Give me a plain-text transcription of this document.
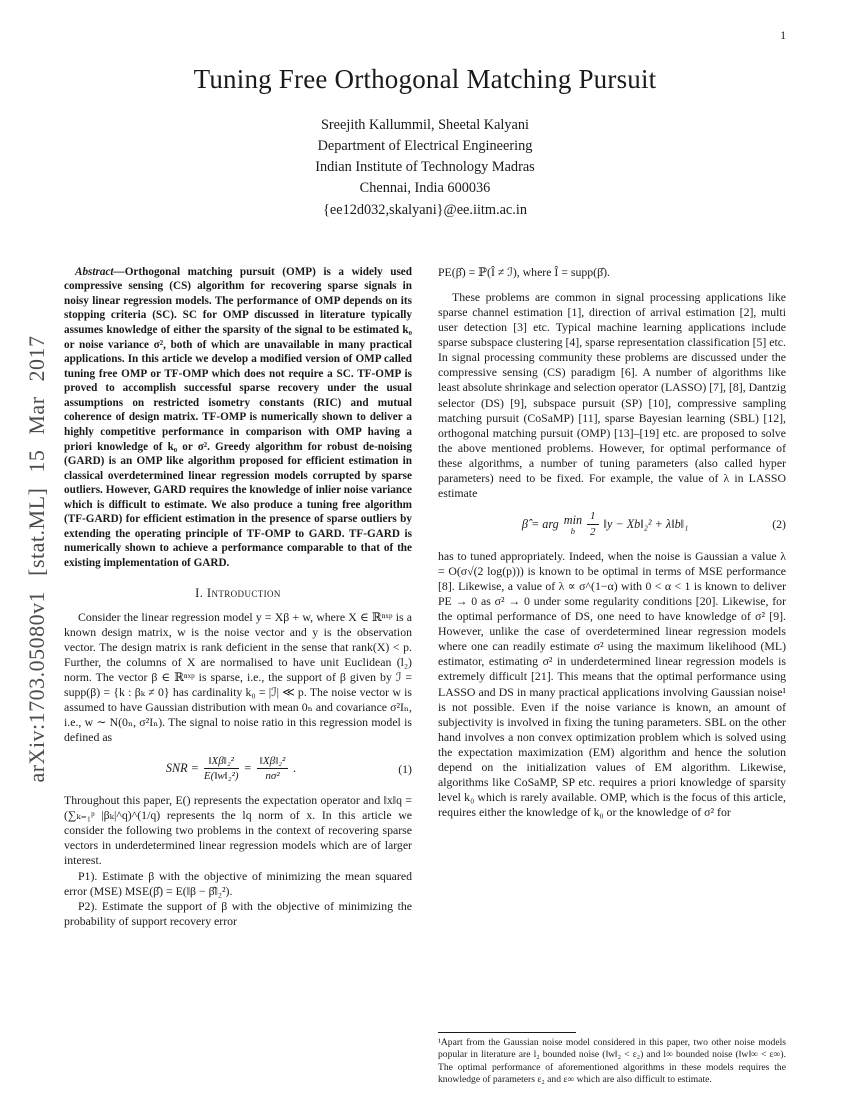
1
arXiv:1703.05080v1 [stat.ML] 15 Mar 2017
Tuning Free Orthogonal Matching Pursuit
Sreejith Kallummil, Sheetal Kalyani
Department of Electrical Engineering
Indian Institute of Technology Madras
Chennai, India 600036
{ee12d032,skalyani}@ee.iitm.ac.in

Abstract—Orthogonal matching pursuit (OMP) is a widely used compressive sensing (CS) algorithm for recovering sparse signals in noisy linear regression models. The performance of OMP depends on its stopping criteria (SC). SC for OMP discussed in literature typically assumes knowledge of either the sparsity of the signal to be estimated k₀ or noise variance σ², both of which are unavailable in many practical applications. In this article we develop a modified version of OMP called tuning free OMP or TF-OMP which does not require a SC. TF-OMP is proved to accomplish successful sparse recovery under the usual assumptions on restricted isometry constants (RIC) and mutual coherence of design matrix. TF-OMP is numerically shown to deliver a highly competitive performance in comparison with OMP having a priori knowledge of k₀ or σ². Greedy algorithm for robust de-noising (GARD) is an OMP like algorithm proposed for efficient estimation in classical overdetermined linear regression models corrupted by sparse outliers. However, GARD requires the knowledge of inlier noise variance which is difficult to estimate. We also produce a tuning free algorithm (TF-GARD) for efficient estimation in the presence of sparse outliers by extending the operating principle of TF-OMP to GARD. TF-GARD is numerically shown to achieve a performance comparable to that of the existing implementation of GARD.

I. Introduction

Consider the linear regression model y = Xβ + w, where X ∈ ℝⁿˣᵖ is a known design matrix, w is the noise vector and y is the observation vector. The design matrix is rank deficient in the sense that rank(X) < p. Further, the columns of X are normalised to have unit Euclidean (l₂) norm. The vector β ∈ ℝⁿˣᵖ is sparse, i.e., the support of β given by ℐ = supp(β) = {k : βₖ ≠ 0} has cardinality k₀ = |ℐ| ≪ p. The noise vector w is assumed to have Gaussian distribution with mean 0ₙ and covariance σ²Iₙ, i.e., w ∼ N(0ₙ, σ²Iₙ). The signal to noise ratio in this regression model is defined as

SNR = $\frac{\text{‖Xβ‖₂²}}{\text{E(‖w‖₂²)}} = \frac{\text{‖Xβ‖₂²}}{\text{nσ²}}$ .	(1)

Throughout this paper, E() represents the expectation operator and ‖x‖q = (∑ₖ₌₁ᵖ |βₖ|^q)^(1/q) represents the lq norm of x. In this article we consider the following two problems in the context of recovering sparse vectors in underdetermined linear regression models which are of larger interest.

P1). Estimate β with the objective of minimizing the mean squared error (MSE) MSE(β̂) = E(‖β − β̂‖₂²).

P2). Estimate the support of β with the objective of minimizing the probability of support recovery error

PE(β̂) = ℙ(Î ≠ ℐ), where Î = supp(β̂).

These problems are common in signal processing applications like sparse channel estimation [1], direction of arrival estimation [2], multi user detection [3] etc. Typical machine learning applications include sparse subspace clustering [4], sparse representation classification [5] etc. In signal processing community these problems are discussed under the compressive sensing (CS) paradigm [6]. A number of algorithms like least absolute shrinkage and selection operator (LASSO) [7], [8], Dantzig selector (DS) [9], subspace pursuit (SP) [10], compressive sampling matching pursuit (CoSaMP) [11], sparse Bayesian learning (SBL) [12], orthogonal matching pursuit (OMP) [13]–[19] etc. are proposed to solve the above mentioned problems. However, for optimal performance of these algorithms, a number of tuning parameters (also called hyper parameters) need to be fixed. For example, the value of λ in LASSO estimate

β̂ = arg min
b $\frac{1}{2}$ ‖y − Xb‖₂² + λ‖b‖₁	(2)

has to tuned appropriately. Indeed, when the noise is Gaussian a value λ = O(σ√(2 log(p))) is known to be optimal in terms of MSE performance [8]. Likewise, a value of λ ∝ σ^(1−α) with 0 < α < 1 is known to deliver PE → 0 as σ² → 0 under some regularity conditions [20]. Likewise, for the optimal performance of DS, one need to have knowledge of σ² [9]. However, unlike the case of overdetermined linear regression models where one can readily estimate σ² using the maximum likelihood (ML) estimator, estimating σ² in underdetermined linear regression models is extremely difficult [21]. This means that the optimal performance using LASSO and DS in many practical applications involving Gaussian noise¹ is not possible. Even if the noise variance is known, an amount of subjectivity is involved in fixing the tuning parameters. SBL on the other hand involves a non convex optimization problem which is solved using the expectation maximization (EM) algorithm and hence the solution depend on the initialization values of EM algorithm. Likewise, algorithms like CoSaMP, SP etc. requires a priori knowledge of sparsity level k₀ which is rarely available. OMP, which is the focus of this article, requires either the knowledge of k₀ or the knowledge of σ² for

¹Apart from the Gaussian noise model considered in this paper, two other noise models popular in literature are l₂ bounded noise (‖w‖₂ < ε₂) and l∞ bounded noise (‖w‖∞ < ε∞). The optimal performance of aforementioned algorithms in these models requires the knowledge of parameters ε₂ and ε∞ which are also difficult to estimate.
